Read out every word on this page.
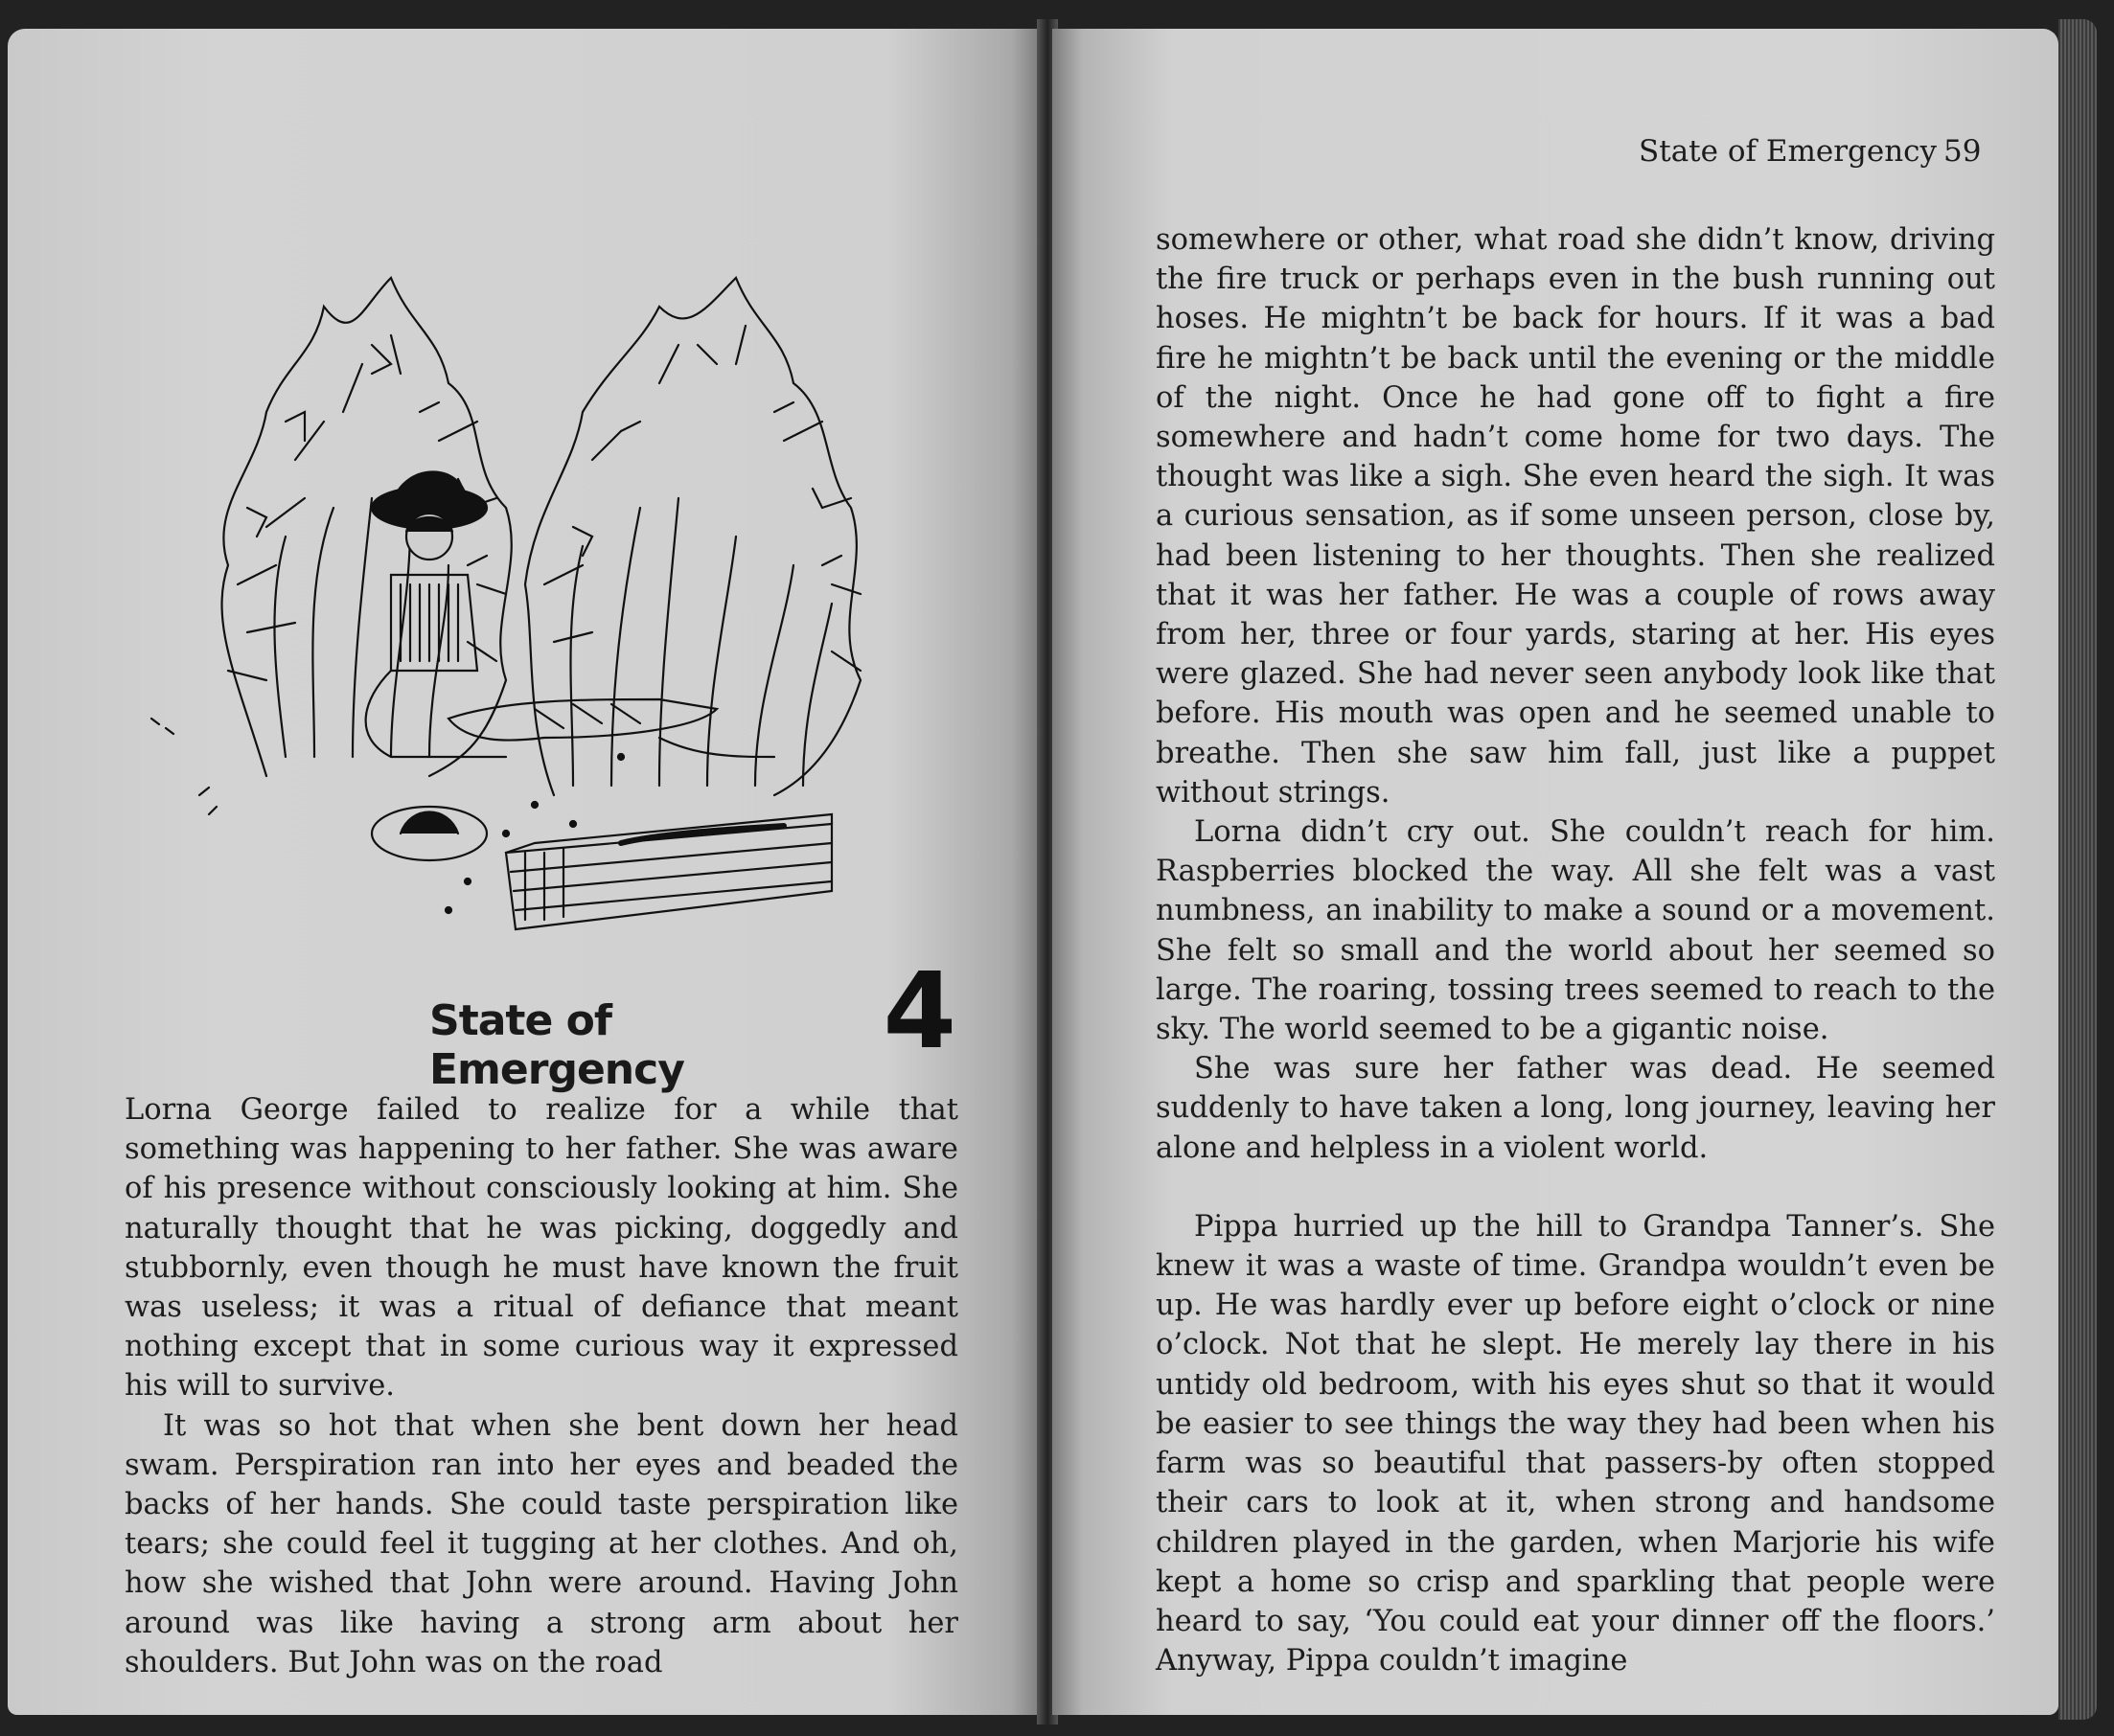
State of Emergency	4

Lorna George failed to realize for a while that something was happening to her father. She was aware of his presence without consciously looking at him. She naturally thought that he was picking, doggedly and stubbornly, even though he must have known the fruit was useless; it was a ritual of defiance that meant nothing except that in some curious way it expressed his will to survive.

It was so hot that when she bent down her head swam. Perspiration ran into her eyes and beaded the backs of her hands. She could taste perspiration like tears; she could feel it tugging at her clothes. And oh, how she wished that John were around. Having John around was like having a strong arm about her shoulders. But John was on the road

State of Emergency 59

somewhere or other, what road she didn’t know, driving the fire truck or perhaps even in the bush running out hoses. He mightn’t be back for hours. If it was a bad fire he mightn’t be back until the evening or the middle of the night. Once he had gone off to fight a fire somewhere and hadn’t come home for two days. The thought was like a sigh. She even heard the sigh. It was a curious sensation, as if some unseen person, close by, had been listening to her thoughts. Then she realized that it was her father. He was a couple of rows away from her, three or four yards, staring at her. His eyes were glazed. She had never seen anybody look like that before. His mouth was open and he seemed unable to breathe. Then she saw him fall, just like a puppet without strings.

Lorna didn’t cry out. She couldn’t reach for him. Raspberries blocked the way. All she felt was a vast numbness, an inability to make a sound or a movement. She felt so small and the world about her seemed so large. The roaring, tossing trees seemed to reach to the sky. The world seemed to be a gigantic noise.

She was sure her father was dead. He seemed suddenly to have taken a long, long journey, leaving her alone and helpless in a violent world.

Pippa hurried up the hill to Grandpa Tanner’s. She knew it was a waste of time. Grandpa wouldn’t even be up. He was hardly ever up before eight o’clock or nine o’clock. Not that he slept. He merely lay there in his untidy old bedroom, with his eyes shut so that it would be easier to see things the way they had been when his farm was so beautiful that passers-by often stopped their cars to look at it, when strong and handsome children played in the garden, when Marjorie his wife kept a home so crisp and sparkling that people were heard to say, ‘You could eat your dinner off the floors.’ Anyway, Pippa couldn’t imagine
